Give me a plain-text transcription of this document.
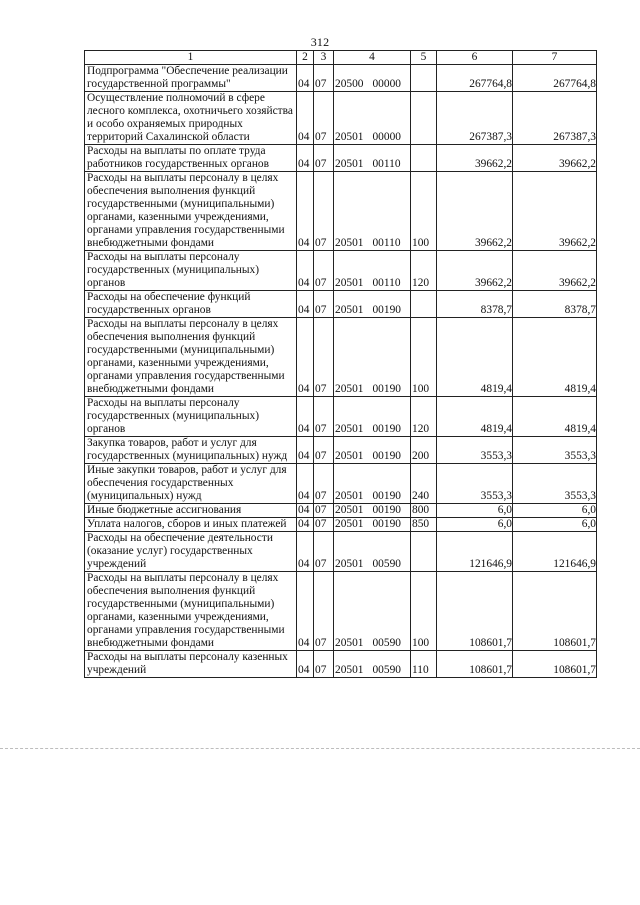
312
1	2	3	4	5	6	7
Подпрограмма "Обеспечение реализации государственной программы"	04	07	20500 00000		267764,8	267764,8
Осуществление полномочий в сфере лесного комплекса, охотничьего хозяйства и особо охраняемых природных территорий Сахалинской области	04	07	20501 00000		267387,3	267387,3
Расходы на выплаты по оплате труда работников государственных органов	04	07	20501 00110		39662,2	39662,2
Расходы на выплаты персоналу в целях обеспечения выполнения функций государственными (муниципальными) органами, казенными учреждениями, органами управления государственными внебюджетными фондами	04	07	20501 00110	100	39662,2	39662,2
Расходы на выплаты персоналу государственных (муниципальных) органов	04	07	20501 00110	120	39662,2	39662,2
Расходы на обеспечение функций государственных органов	04	07	20501 00190		8378,7	8378,7
Расходы на выплаты персоналу в целях обеспечения выполнения функций государственными (муниципальными) органами, казенными учреждениями, органами управления государственными внебюджетными фондами	04	07	20501 00190	100	4819,4	4819,4
Расходы на выплаты персоналу государственных (муниципальных) органов	04	07	20501 00190	120	4819,4	4819,4
Закупка товаров, работ и услуг для государственных (муниципальных) нужд	04	07	20501 00190	200	3553,3	3553,3
Иные закупки товаров, работ и услуг для обеспечения государственных (муниципальных) нужд	04	07	20501 00190	240	3553,3	3553,3
Иные бюджетные ассигнования	04	07	20501 00190	800	6,0	6,0
Уплата налогов, сборов и иных платежей	04	07	20501 00190	850	6,0	6,0
Расходы на обеспечение деятельности (оказание услуг) государственных учреждений	04	07	20501 00590		121646,9	121646,9
Расходы на выплаты персоналу в целях обеспечения выполнения функций государственными (муниципальными) органами, казенными учреждениями, органами управления государственными внебюджетными фондами	04	07	20501 00590	100	108601,7	108601,7
Расходы на выплаты персоналу казенных учреждений	04	07	20501 00590	110	108601,7	108601,7
